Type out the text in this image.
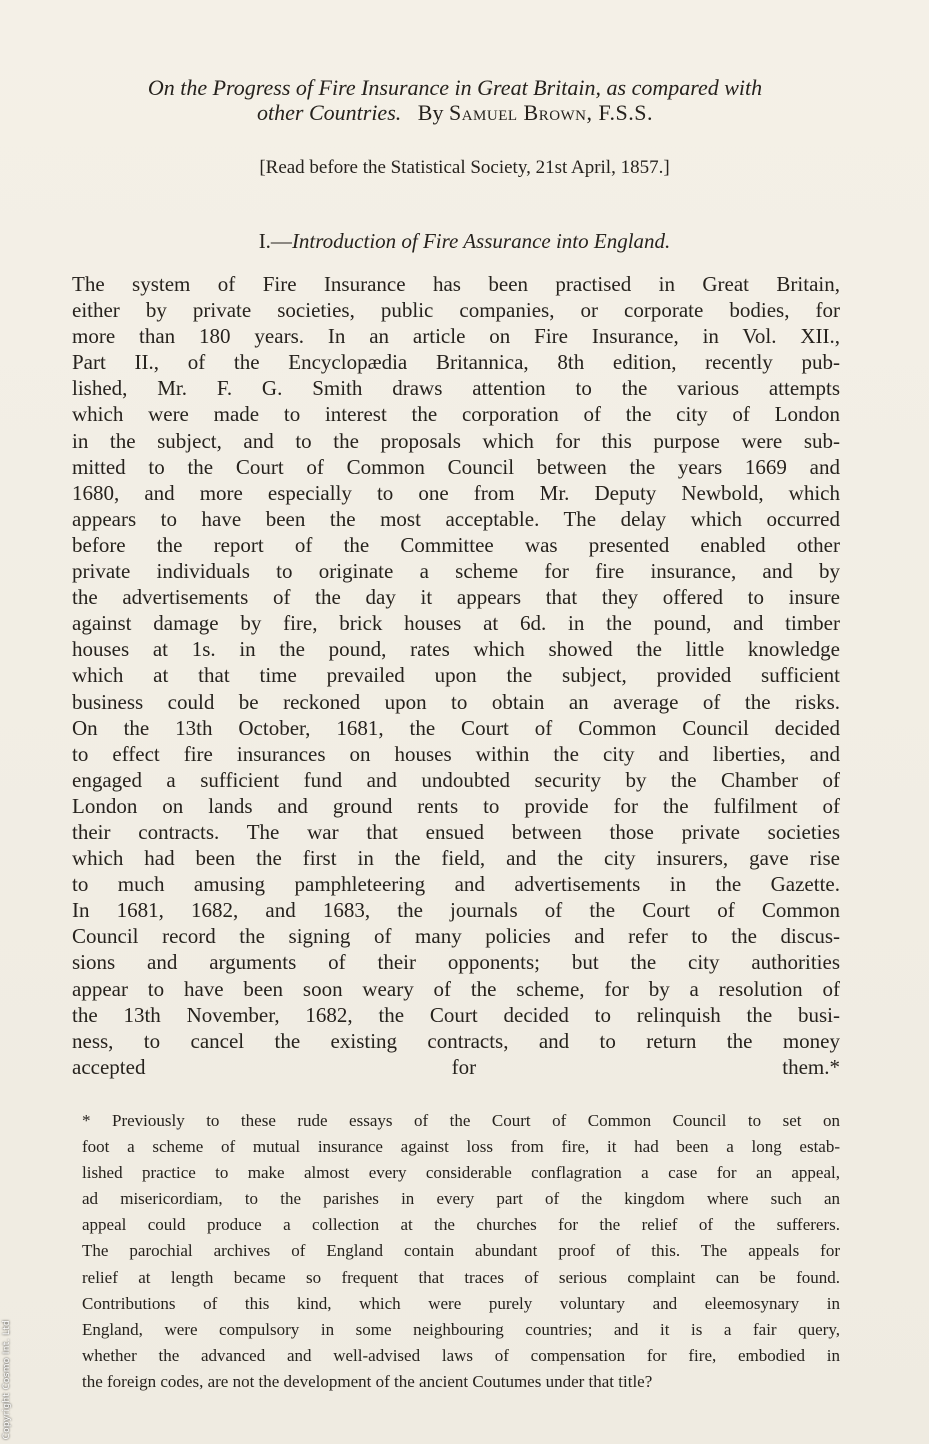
On the Progress of Fire Insurance in Great Britain, as compared with
other Countries. By Samuel Brown, F.S.S.
[Read before the Statistical Society, 21st April, 1857.]
I.—Introduction of Fire Assurance into England.
The system of Fire Insurance has been practised in Great Britain,
either by private societies, public companies, or corporate bodies, for
more than 180 years. In an article on Fire Insurance, in Vol. XII.,
Part II., of the Encyclopædia Britannica, 8th edition, recently pub-
lished, Mr. F. G. Smith draws attention to the various attempts
which were made to interest the corporation of the city of London
in the subject, and to the proposals which for this purpose were sub-
mitted to the Court of Common Council between the years 1669 and
1680, and more especially to one from Mr. Deputy Newbold, which
appears to have been the most acceptable. The delay which occurred
before the report of the Committee was presented enabled other
private individuals to originate a scheme for fire insurance, and by
the advertisements of the day it appears that they offered to insure
against damage by fire, brick houses at 6d. in the pound, and timber
houses at 1s. in the pound, rates which showed the little knowledge
which at that time prevailed upon the subject, provided sufficient
business could be reckoned upon to obtain an average of the risks.
On the 13th October, 1681, the Court of Common Council decided
to effect fire insurances on houses within the city and liberties, and
engaged a sufficient fund and undoubted security by the Chamber of
London on lands and ground rents to provide for the fulfilment of
their contracts. The war that ensued between those private societies
which had been the first in the field, and the city insurers, gave rise
to much amusing pamphleteering and advertisements in the Gazette.
In 1681, 1682, and 1683, the journals of the Court of Common
Council record the signing of many policies and refer to the discus-
sions and arguments of their opponents; but the city authorities
appear to have been soon weary of the scheme, for by a resolution of
the 13th November, 1682, the Court decided to relinquish the busi-
ness, to cancel the existing contracts, and to return the money
accepted for them.*
* Previously to these rude essays of the Court of Common Council to set on
foot a scheme of mutual insurance against loss from fire, it had been a long estab-
lished practice to make almost every considerable conflagration a case for an appeal,
ad misericordiam, to the parishes in every part of the kingdom where such an
appeal could produce a collection at the churches for the relief of the sufferers.
The parochial archives of England contain abundant proof of this. The appeals for
relief at length became so frequent that traces of serious complaint can be found.
Contributions of this kind, which were purely voluntary and eleemosynary in
England, were compulsory in some neighbouring countries; and it is a fair query,
whether the advanced and well-advised laws of compensation for fire, embodied in
the foreign codes, are not the development of the ancient Coutumes under that title?
Copyright Cosmo Int. Ltd
